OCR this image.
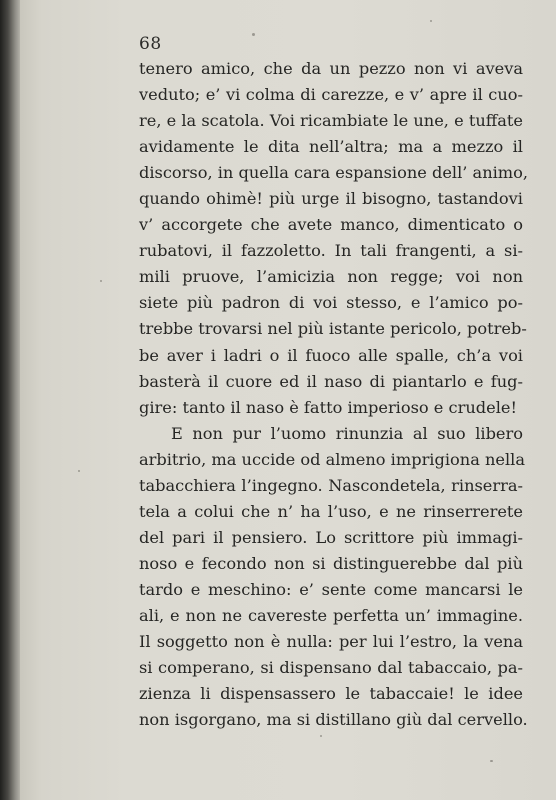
68
tenero amico, che da un pezzo non vi aveva
veduto; e’ vi colma di carezze, e v’ apre il cuo-
re, e la scatola. Voi ricambiate le une, e tuffate
avidamente le dita nell’altra; ma a mezzo il
discorso, in quella cara espansione dell’ animo,
quando ohimè! più urge il bisogno, tastandovi
v’ accorgete che avete manco, dimenticato o
rubatovi, il fazzoletto. In tali frangenti, a si-
mili pruove, l’amicizia non regge; voi non
siete più padron di voi stesso, e l’amico po-
trebbe trovarsi nel più istante pericolo, potreb-
be aver i ladri o il fuoco alle spalle, ch’a voi
basterà il cuore ed il naso di piantarlo e fug-
gire: tanto il naso è fatto imperioso e crudele!
E non pur l’uomo rinunzia al suo libero
arbitrio, ma uccide od almeno imprigiona nella
tabacchiera l’ingegno. Nascondetela, rinserra-
tela a colui che n’ ha l’uso, e ne rinserrerete
del pari il pensiero. Lo scrittore più immagi-
noso e fecondo non si distinguerebbe dal più
tardo e meschino: e’ sente come mancarsi le
ali, e non ne cavereste perfetta un’ immagine.
Il soggetto non è nulla: per lui l’estro, la vena
si comperano, si dispensano dal tabaccaio, pa-
zienza li dispensassero le tabaccaie! le idee
non isgorgano, ma si distillano giù dal cervello.
